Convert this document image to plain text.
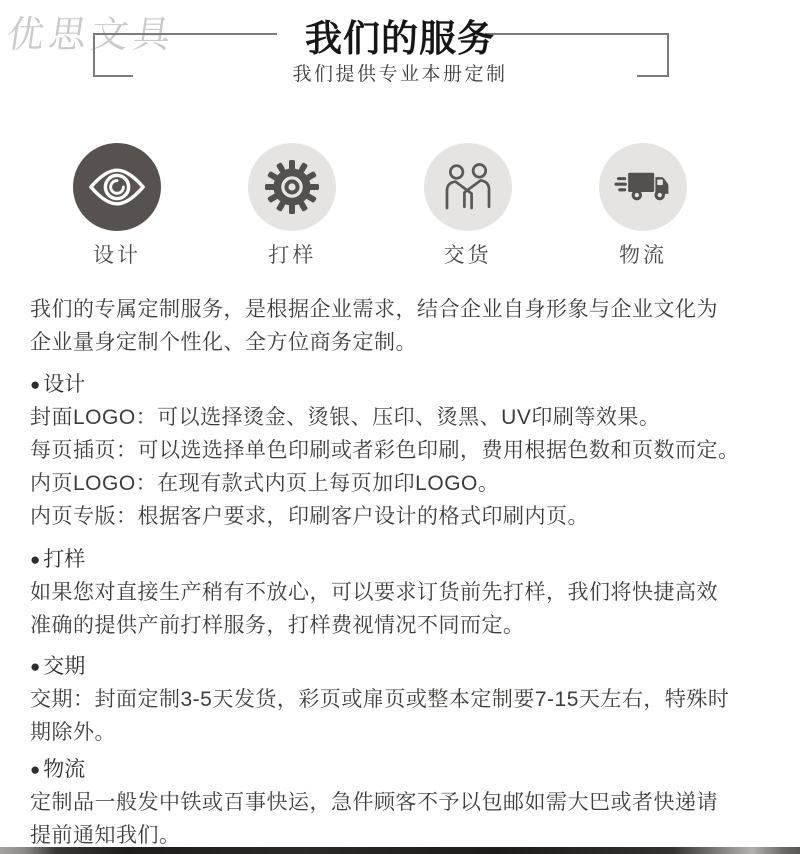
优思文具	我们的服务
我们提供专业本册定制
设计	打样	交货	物流
我们的专属定制服务，是根据企业需求，结合企业自身形象与企业文化为
企业量身定制个性化、全方位商务定制。
● 设计
封面LOGO：可以选择烫金、烫银、压印、烫黑、UV印刷等效果。
每页插页：可以选选择单色印刷或者彩色印刷，费用根据色数和页数而定。
内页LOGO：在现有款式内页上每页加印LOGO。
内页专版：根据客户要求，印刷客户设计的格式印刷内页。
● 打样
如果您对直接生产稍有不放心，可以要求订货前先打样，我们将快捷高效
准确的提供产前打样服务，打样费视情况不同而定。
● 交期
交期：封面定制3-5天发货，彩页或扉页或整本定制要7-15天左右，特殊时
期除外。
● 物流
定制品一般发中铁或百事快运，急件顾客不予以包邮如需大巴或者快递请
提前通知我们。
